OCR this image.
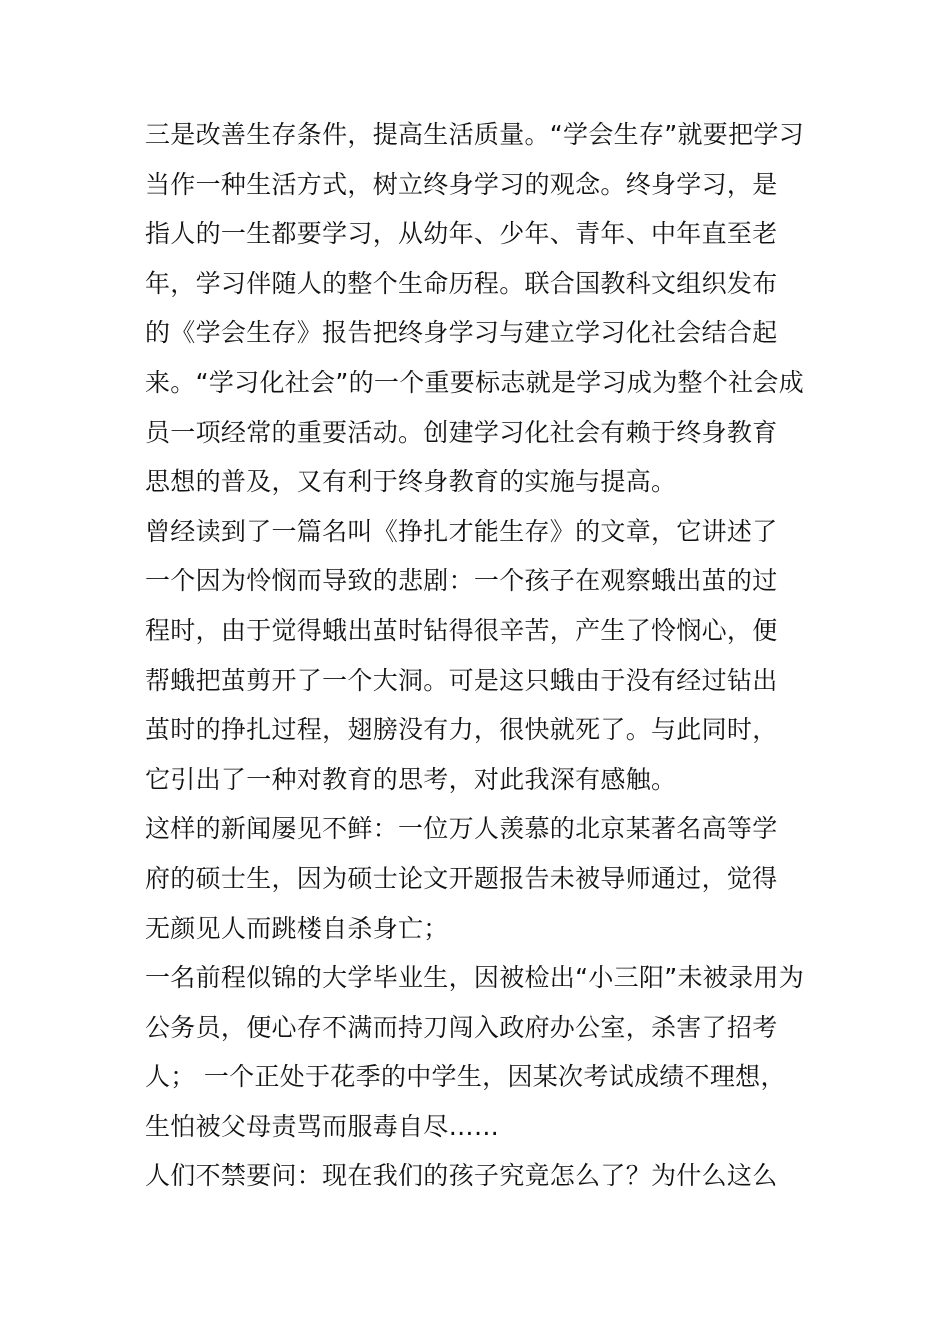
三是改善生存条件，提高生活质量。“学会生存”就要把学习
当作一种生活方式，树立终身学习的观念。终身学习，是
指人的一生都要学习，从幼年、少年、青年、中年直至老
年，学习伴随人的整个生命历程。联合国教科文组织发布
的《学会生存》报告把终身学习与建立学习化社会结合起
来。“学习化社会”的一个重要标志就是学习成为整个社会成
员一项经常的重要活动。创建学习化社会有赖于终身教育
思想的普及，又有利于终身教育的实施与提高。
曾经读到了一篇名叫《挣扎才能生存》的文章，它讲述了
一个因为怜悯而导致的悲剧：一个孩子在观察蛾出茧的过
程时，由于觉得蛾出茧时钻得很辛苦，产生了怜悯心，便
帮蛾把茧剪开了一个大洞。可是这只蛾由于没有经过钻出
茧时的挣扎过程，翅膀没有力，很快就死了。与此同时，
它引出了一种对教育的思考，对此我深有感触。
这样的新闻屡见不鲜：一位万人羡慕的北京某著名高等学
府的硕士生，因为硕士论文开题报告未被导师通过，觉得
无颜见人而跳楼自杀身亡；
一名前程似锦的大学毕业生，因被检出“小三阳”未被录用为
公务员，便心存不满而持刀闯入政府办公室，杀害了招考
人； 一个正处于花季的中学生，因某次考试成绩不理想，
生怕被父母责骂而服毒自尽……
人们不禁要问：现在我们的孩子究竟怎么了？为什么这么
